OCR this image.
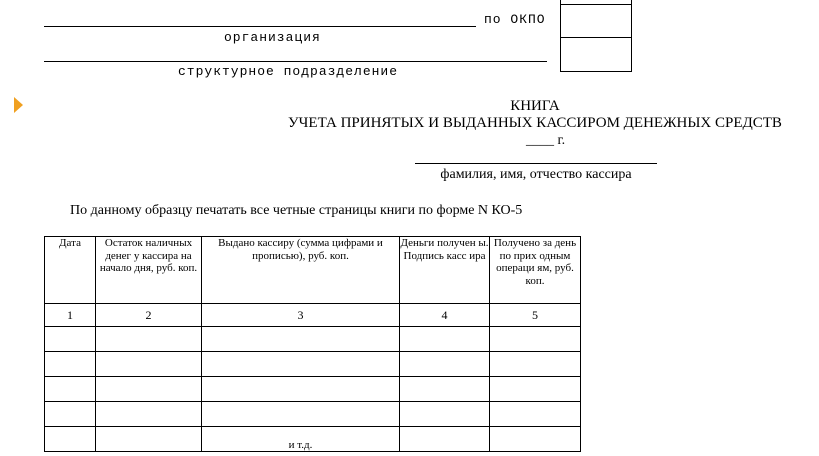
по ОКПО
организация
структурное подразделение
КНИГА
УЧЕТА ПРИНЯТЫХ И ВЫДАННЫХ КАССИРОМ ДЕНЕЖНЫХ СРЕДСТВ
____ г.
фамилия, имя, отчество кассира
По данному образцу печатать все четные страницы книги по форме N КО-5
Дата	Остаток наличных денег у кассира на начало дня, руб. коп.	Выдано кассиру (сумма цифрами и прописью), руб. коп.	Деньги получен ы. Подпись касс ира	Получено за день по прих одным операци ям, руб. коп.
1	2	3	4	5

		и т.д.		
